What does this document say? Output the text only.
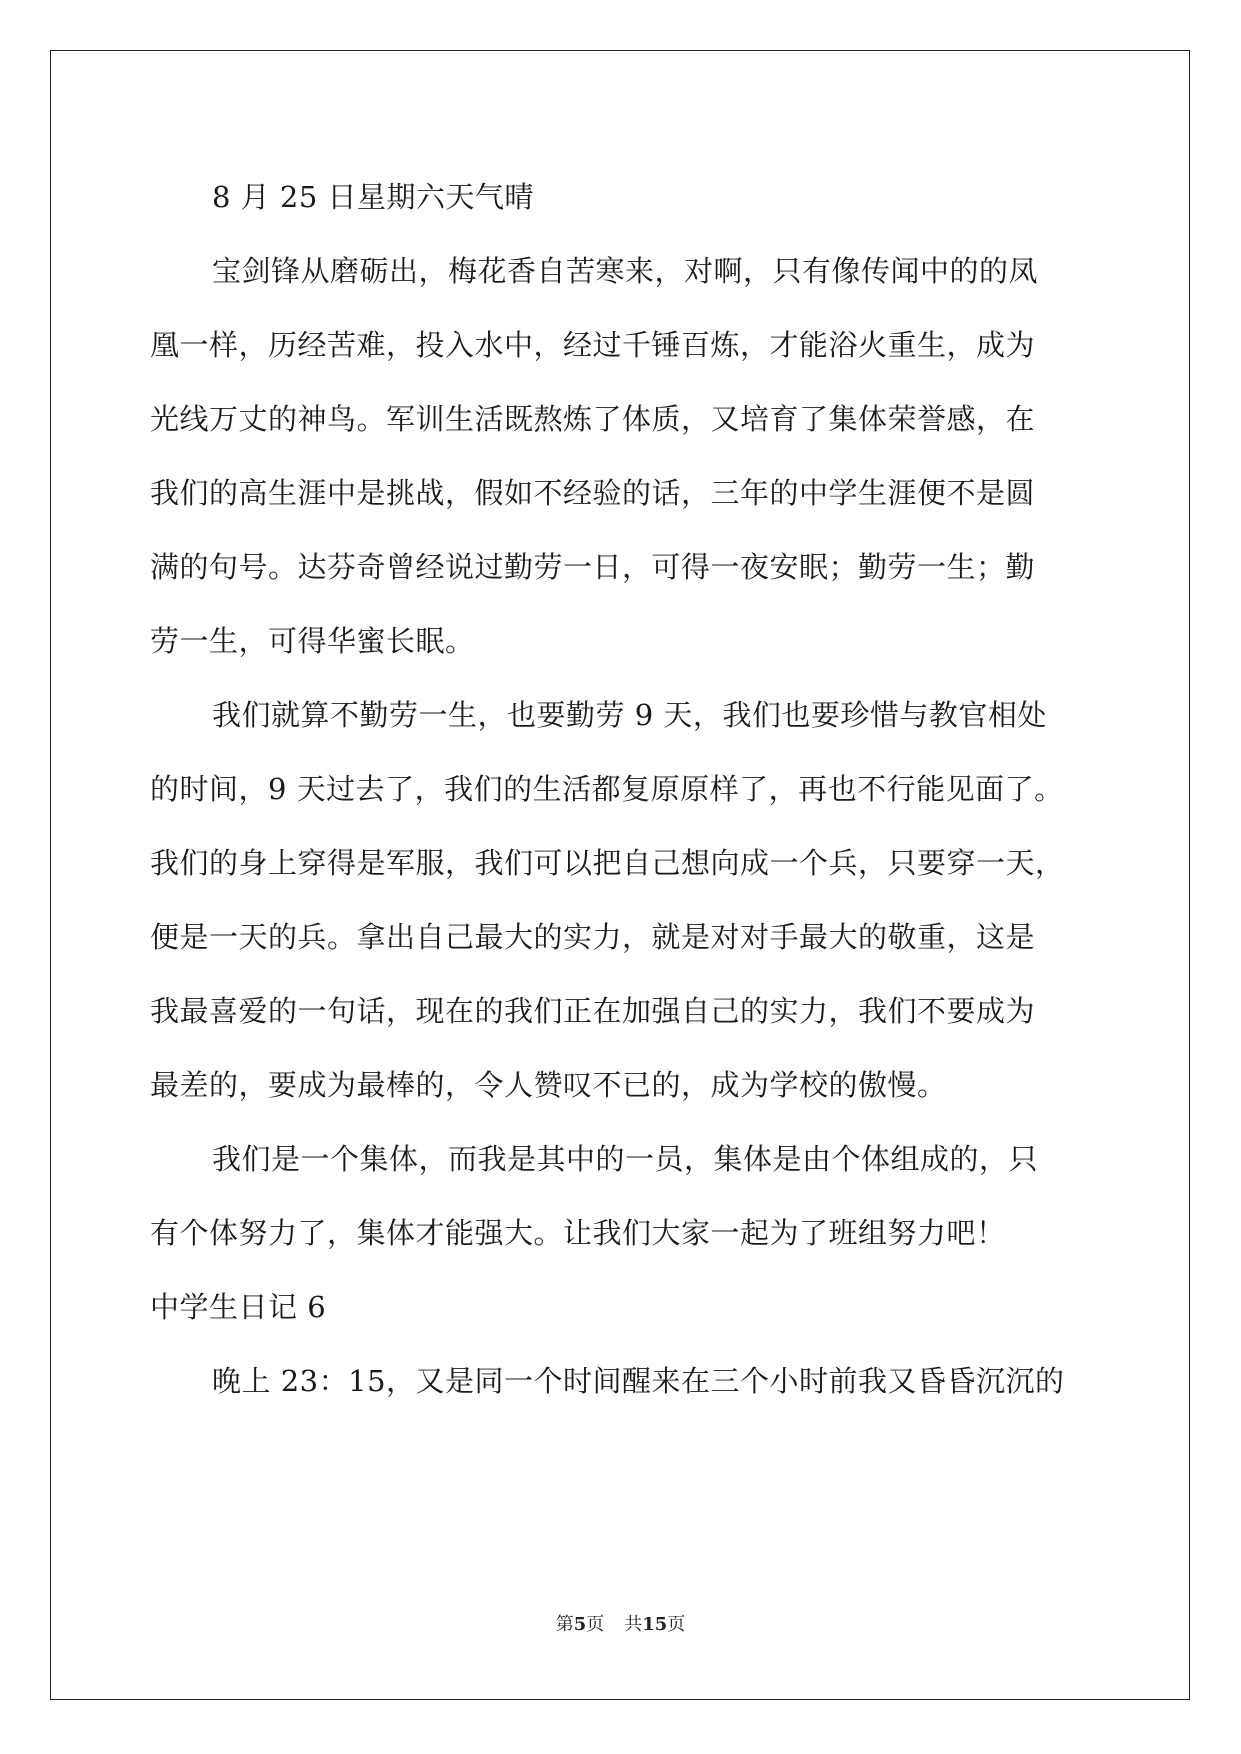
8 月 25 日星期六天气晴
宝剑锋从磨砺出，梅花香自苦寒来，对啊，只有像传闻中的的凤
凰一样，历经苦难，投入水中，经过千锤百炼，才能浴火重生，成为
光线万丈的神鸟。军训生活既熬炼了体质，又培育了集体荣誉感，在
我们的高生涯中是挑战，假如不经验的话，三年的中学生涯便不是圆
满的句号。达芬奇曾经说过勤劳一日，可得一夜安眠；勤劳一生；勤
劳一生，可得华蜜长眠。
我们就算不勤劳一生，也要勤劳 9 天，我们也要珍惜与教官相处
的时间，9 天过去了，我们的生活都复原原样了，再也不行能见面了。
我们的身上穿得是军服，我们可以把自己想向成一个兵，只要穿一天，
便是一天的兵。拿出自己最大的实力，就是对对手最大的敬重，这是
我最喜爱的一句话，现在的我们正在加强自己的实力，我们不要成为
最差的，要成为最棒的，令人赞叹不已的，成为学校的傲慢。
我们是一个集体，而我是其中的一员，集体是由个体组成的，只
有个体努力了，集体才能强大。让我们大家一起为了班组努力吧！
中学生日记 6
晚上 23：15，又是同一个时间醒来在三个小时前我又昏昏沉沉的
第5页 共15页
